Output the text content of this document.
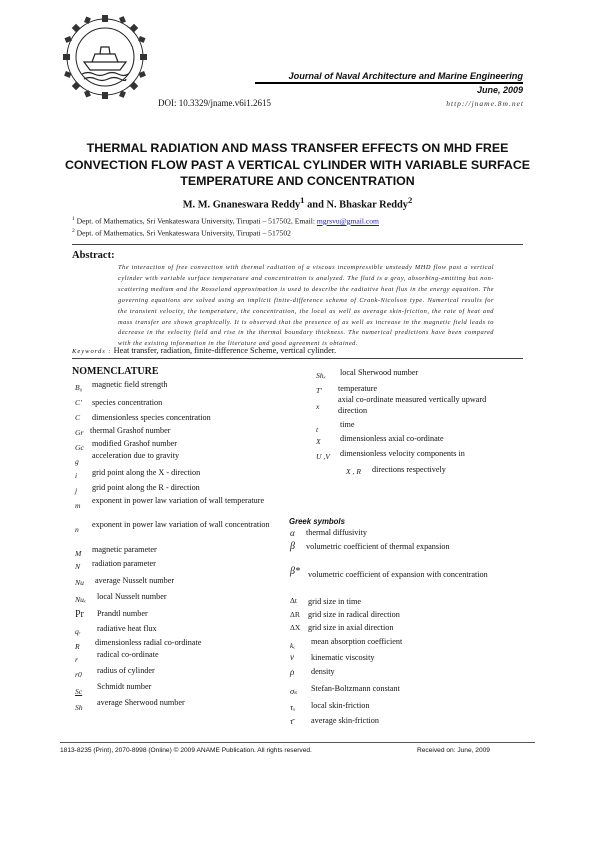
Journal of Naval Architecture and Marine Engineering
June, 2009
DOI: 10.3329/jname.v6i1.2615	http://jname.8m.net
THERMAL RADIATION AND MASS TRANSFER EFFECTS ON MHD FREE CONVECTION FLOW PAST A VERTICAL CYLINDER WITH VARIABLE SURFACE TEMPERATURE AND CONCENTRATION
M. M. Gnaneswara Reddy$^1$ and N. Bhaskar Reddy$^2$
$^1$ Dept. of Mathematics, Sri Venkateswara University, Tirupati – 517502, Email: mgrsvu@gmail.com
$^2$ Dept. of Mathematics, Sri Venkateswara University, Tirupati – 517502
Abstract:
The interaction of free convection with thermal radiation of a viscous incompressible unsteady MHD flow past a vertical cylinder with variable surface temperature and concentration is analyzed. The fluid is a gray, absorbing-emitting but non-scattering medium and the Rosseland approximation is used to describe the radiative heat flux in the energy equation. The governing equations are solved using an implicit finite-difference scheme of Crank-Nicolson type. Numerical results for the transient velocity, the temperature, the concentration, the local as well as average skin-friction, the rate of heat and mass transfer are shown graphically. It is observed that the presence of as well as increase in the magnetic field leads to decrease in the velocity field and rise in the thermal boundary thickness. The numerical predictions have been compared with the existing information in the literature and good agreement is obtained.
Keywords : Heat transfer, radiation, finite-difference Scheme, vertical cylinder.
NOMENCLATURE
B₀ magnetic field strength
C′ species concentration
C dimensionless species concentration
Gr thermal Grashof number
Gc modified Grashof number
g
acceleration due to gravity
i grid point along the X - direction
j grid point along the R - direction
m
exponent in power law variation of wall temperature
n
exponent in power law variation of wall concentration
M magnetic parameter
N radiation parameter
Nu average Nusselt number
Nuₓ local Nusselt number
Pr Prandtl number
qᵣ radiative heat flux
R dimensionless radial co-ordinate
r
radical co-ordinate
r0 radius of cylinder
Sc
Schmidt number
Sh
average Sherwood number
Shₓ local Sherwood number
T′ temperature
x
axial co-ordinate measured vertically upward direction
t
time
X dimensionless axial co-ordinate
U ,V dimensionless velocity components in
X , R directions respectively
Greek symbols
α thermal diffusivity
β volumetric coefficient of thermal expansion
β* volumetric coefficient of expansion with concentration
Δt grid size in time
ΔR grid size in radical direction
ΔX grid size in axial direction
kₑ mean absorption coefficient
ν kinematic viscosity
ρ density
σₛ Stefan-Boltzmann constant
τₓ local skin-friction
τ̄ average skin-friction
1813-8235 (Print), 2070-8998 (Online) © 2009 ANAME Publication. All rights reserved.	Received on: June, 2009
